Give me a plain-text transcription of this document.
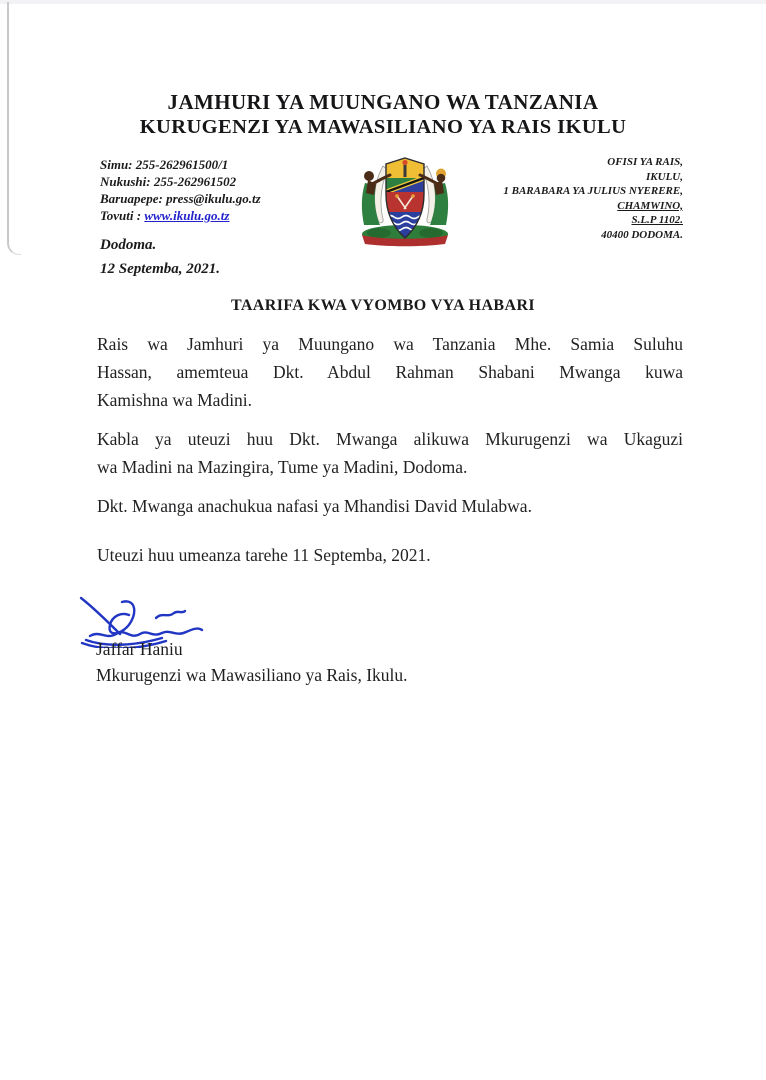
JAMHURI YA MUUNGANO WA TANZANIA
KURUGENZI YA MAWASILIANO YA RAIS IKULU
Simu: 255-262961500/1
Nukushi: 255-262961502
Baruapepe: press@ikulu.go.tz
Tovuti : www.ikulu.go.tz
Dodoma.
12 Septemba, 2021.
OFISI YA RAIS,
IKULU,
1 BARABARA YA JULIUS NYERERE,
CHAMWINO,
S.L.P 1102.
40400 DODOMA.
TAARIFA KWA VYOMBO VYA HABARI
Rais wa Jamhuri ya Muungano wa Tanzania Mhe. Samia Suluhu
Hassan, amemteua Dkt. Abdul Rahman Shabani Mwanga kuwa
Kamishna wa Madini.
Kabla ya uteuzi huu Dkt. Mwanga alikuwa Mkurugenzi wa Ukaguzi
wa Madini na Mazingira, Tume ya Madini, Dodoma.
Dkt. Mwanga anachukua nafasi ya Mhandisi David Mulabwa.
Uteuzi huu umeanza tarehe 11 Septemba, 2021.
Jaffar Haniu
Mkurugenzi wa Mawasiliano ya Rais, Ikulu.
